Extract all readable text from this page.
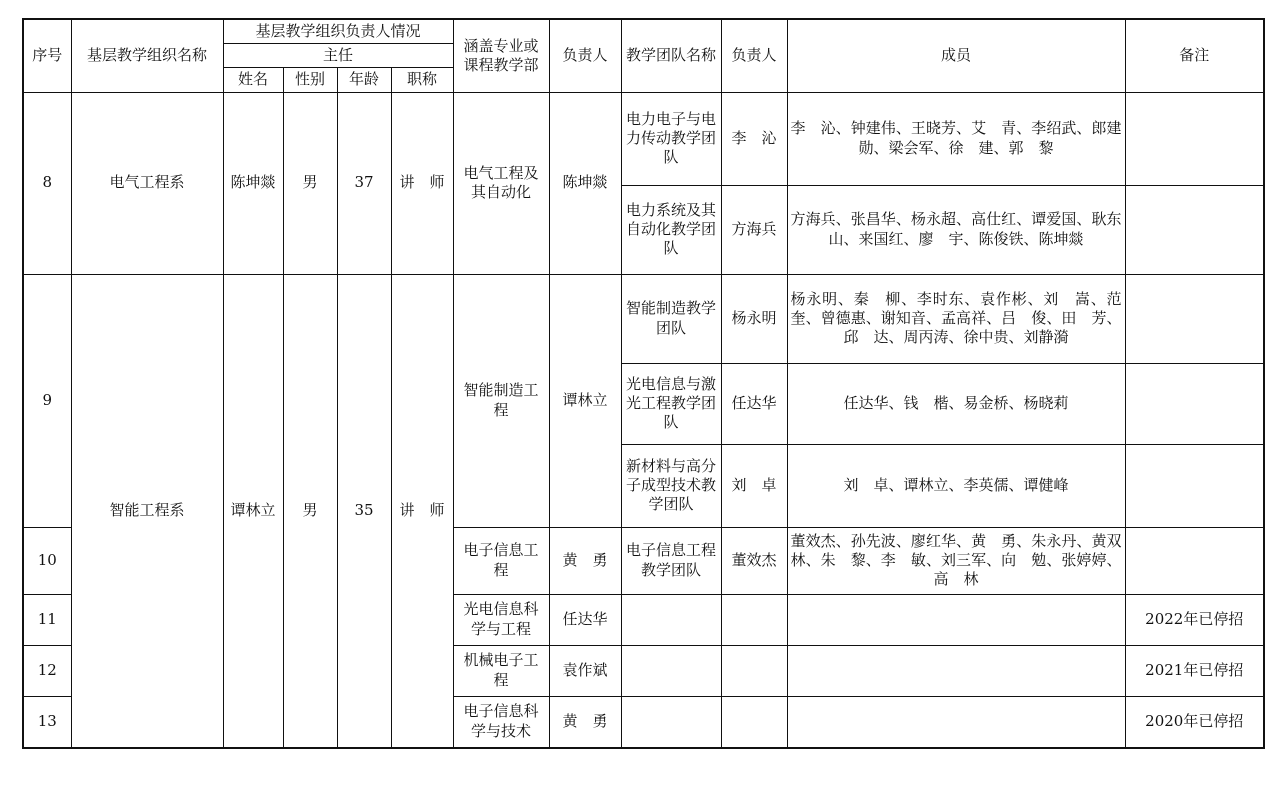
序号	基层教学组织名称	基层教学组织负责人情况				涵盖专业或课程教学部	负责人	教学团队名称	负责人	成员	备注
		主任									
		姓名	性别	年龄	职称						
8	电气工程系	陈坤燚	男	37	讲　师	电气工程及其自动化	陈坤燚	电力电子与电力传动教学团队	李　沁	李　沁、钟建伟、王晓芳、艾　青、李绍武、郎建勋、梁会军、徐　建、郭　黎	
								电力系统及其自动化教学团队	方海兵	方海兵、张昌华、杨永超、高仕红、谭爱国、耿东山、来国红、廖　宇、陈俊铁、陈坤燚	
9	智能工程系	谭林立	男	35	讲　师	智能制造工程	谭林立	智能制造教学团队	杨永明	杨永明、秦　柳、李时东、袁作彬、刘　嵩、范　奎、曾德惠、谢知音、孟高祥、吕　俊、田　芳、邱　达、周丙涛、徐中贵、刘静漪	
								光电信息与激光工程教学团队	任达华	任达华、钱　楷、易金桥、杨晓莉	
								新材料与高分子成型技术教学团队	刘　卓	刘　卓、谭林立、李英儒、谭健峰	
10						电子信息工程	黄　勇	电子信息工程教学团队	董效杰	董效杰、孙先波、廖红华、黄　勇、朱永丹、黄双林、朱　黎、李　敏、刘三军、向　勉、张婷婷、高　林	
11						光电信息科学与工程	任达华				2022年已停招
12						机械电子工程	袁作斌				2021年已停招
13						电子信息科学与技术	黄　勇				2020年已停招
